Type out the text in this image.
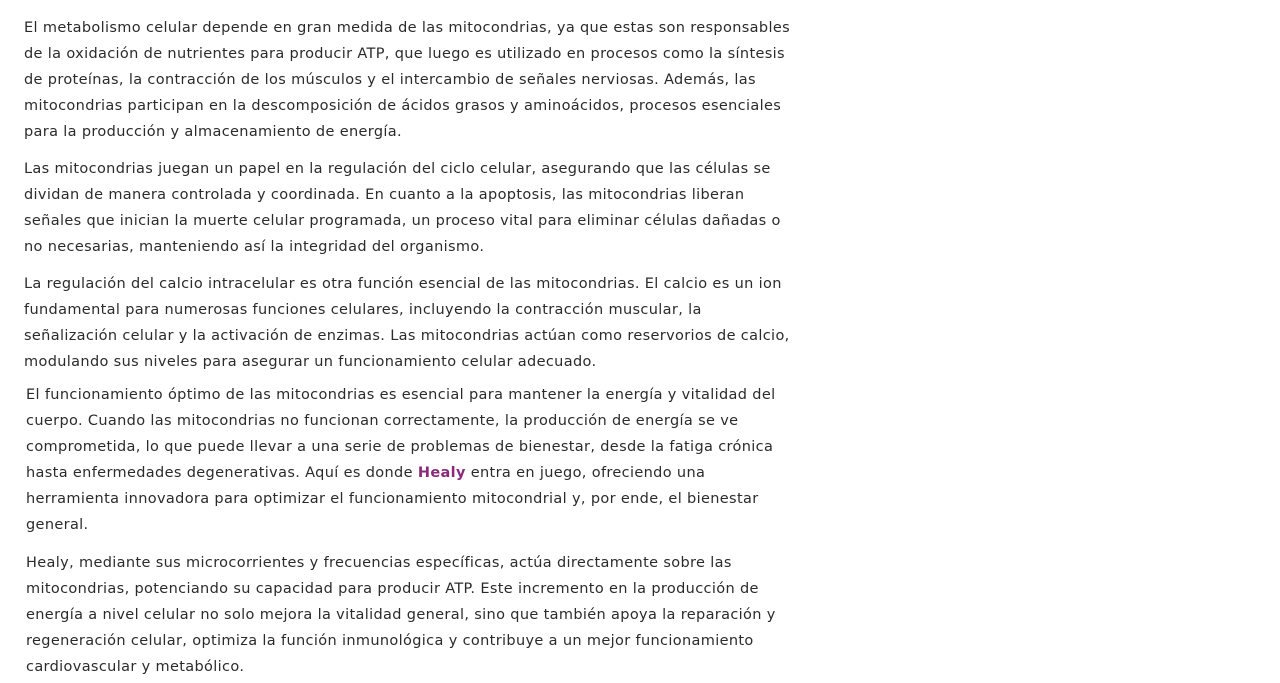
El metabolismo celular depende en gran medida de las mitocondrias, ya que estas son responsables de la oxidación de nutrientes para producir ATP, que luego es utilizado en procesos como la síntesis de proteínas, la contracción de los músculos y el intercambio de señales nerviosas. Además, las mitocondrias participan en la descomposición de ácidos grasos y aminoácidos, procesos esenciales para la producción y almacenamiento de energía.

Las mitocondrias juegan un papel en la regulación del ciclo celular, asegurando que las células se dividan de manera controlada y coordinada. En cuanto a la apoptosis, las mitocondrias liberan señales que inician la muerte celular programada, un proceso vital para eliminar células dañadas o no necesarias, manteniendo así la integridad del organismo.

La regulación del calcio intracelular es otra función esencial de las mitocondrias. El calcio es un ion fundamental para numerosas funciones celulares, incluyendo la contracción muscular, la señalización celular y la activación de enzimas. Las mitocondrias actúan como reservorios de calcio, modulando sus niveles para asegurar un funcionamiento celular adecuado.

El funcionamiento óptimo de las mitocondrias es esencial para mantener la energía y vitalidad del cuerpo. Cuando las mitocondrias no funcionan correctamente, la producción de energía se ve comprometida, lo que puede llevar a una serie de problemas de bienestar, desde la fatiga crónica hasta enfermedades degenerativas. Aquí es donde Healy entra en juego, ofreciendo una herramienta innovadora para optimizar el funcionamiento mitocondrial y, por ende, el bienestar general.

Healy, mediante sus microcorrientes y frecuencias específicas, actúa directamente sobre las mitocondrias, potenciando su capacidad para producir ATP. Este incremento en la producción de energía a nivel celular no solo mejora la vitalidad general, sino que también apoya la reparación y regeneración celular, optimiza la función inmunológica y contribuye a un mejor funcionamiento cardiovascular y metabólico.
